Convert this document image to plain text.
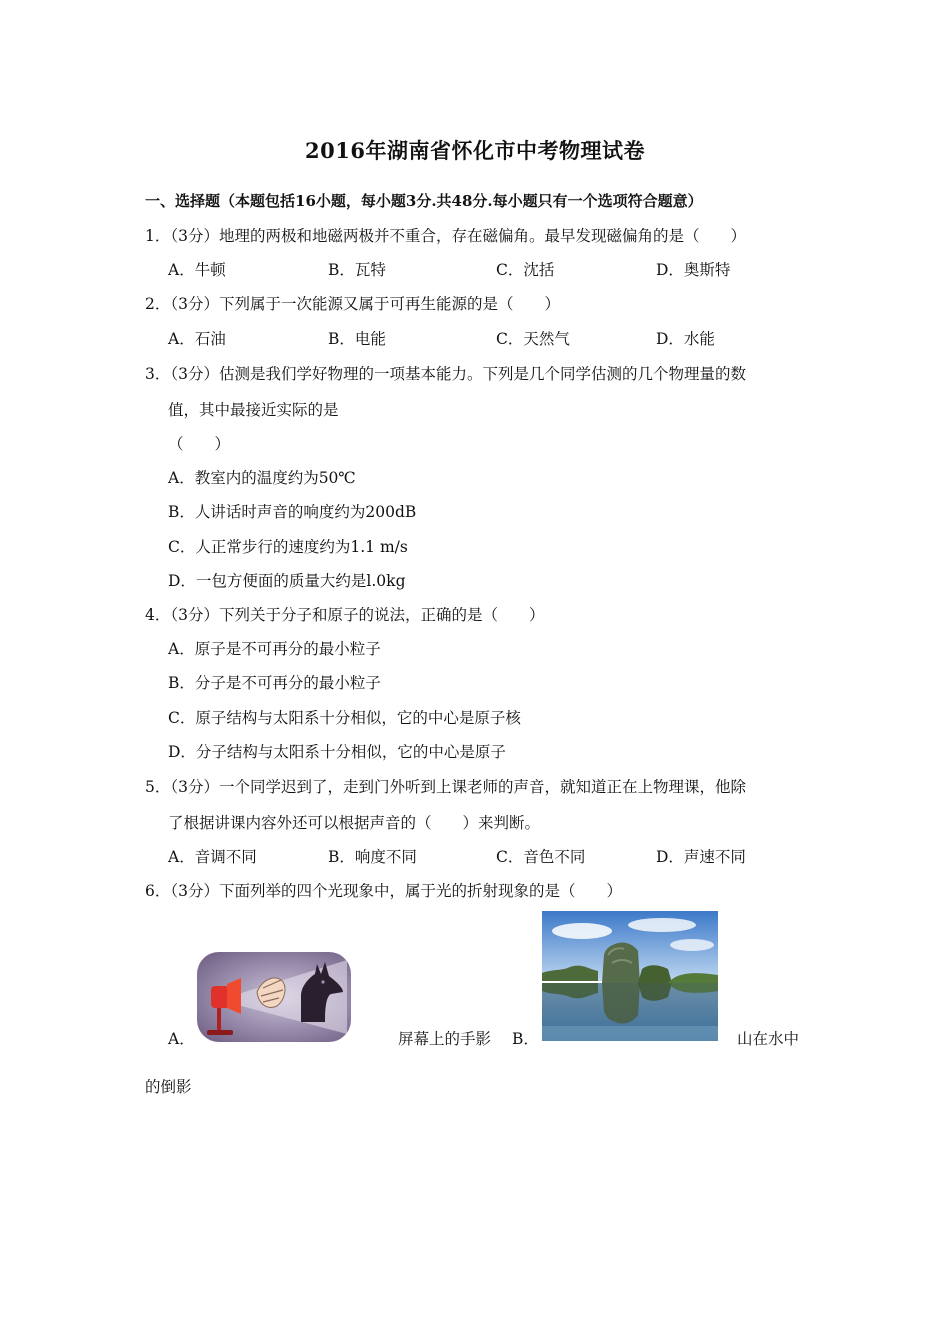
2016年湖南省怀化市中考物理试卷
一、选择题（本题包括16小题，每小题3分.共48分.每小题只有一个选项符合题意）
1．（3分）地理的两极和地磁两极并不重合，存在磁偏角。最早发现磁偏角的是（　　）
A．牛顿	B．瓦特	C．沈括	D．奥斯特
2．（3分）下列属于一次能源又属于可再生能源的是（　　）
A．石油	B．电能	C．天然气	D．水能
3．（3分）估测是我们学好物理的一项基本能力。下列是几个同学估测的几个物理量的数
值，其中最接近实际的是
（　　）
A．教室内的温度约为50℃
B．人讲话时声音的响度约为200dB
C．人正常步行的速度约为1.1 m/s
D．一包方便面的质量大约是l.0kg
4．（3分）下列关于分子和原子的说法，正确的是（　　）
A．原子是不可再分的最小粒子
B．分子是不可再分的最小粒子
C．原子结构与太阳系十分相似，它的中心是原子核
D．分子结构与太阳系十分相似，它的中心是原子
5．（3分）一个同学迟到了，走到门外听到上课老师的声音，就知道正在上物理课，他除
了根据讲课内容外还可以根据声音的（　　）来判断。
A．音调不同	B．响度不同	C．音色不同	D．声速不同
6．（3分）下面列举的四个光现象中，属于光的折射现象的是（　　）
A．	屏幕上的手影 B．	山在水中
的倒影
